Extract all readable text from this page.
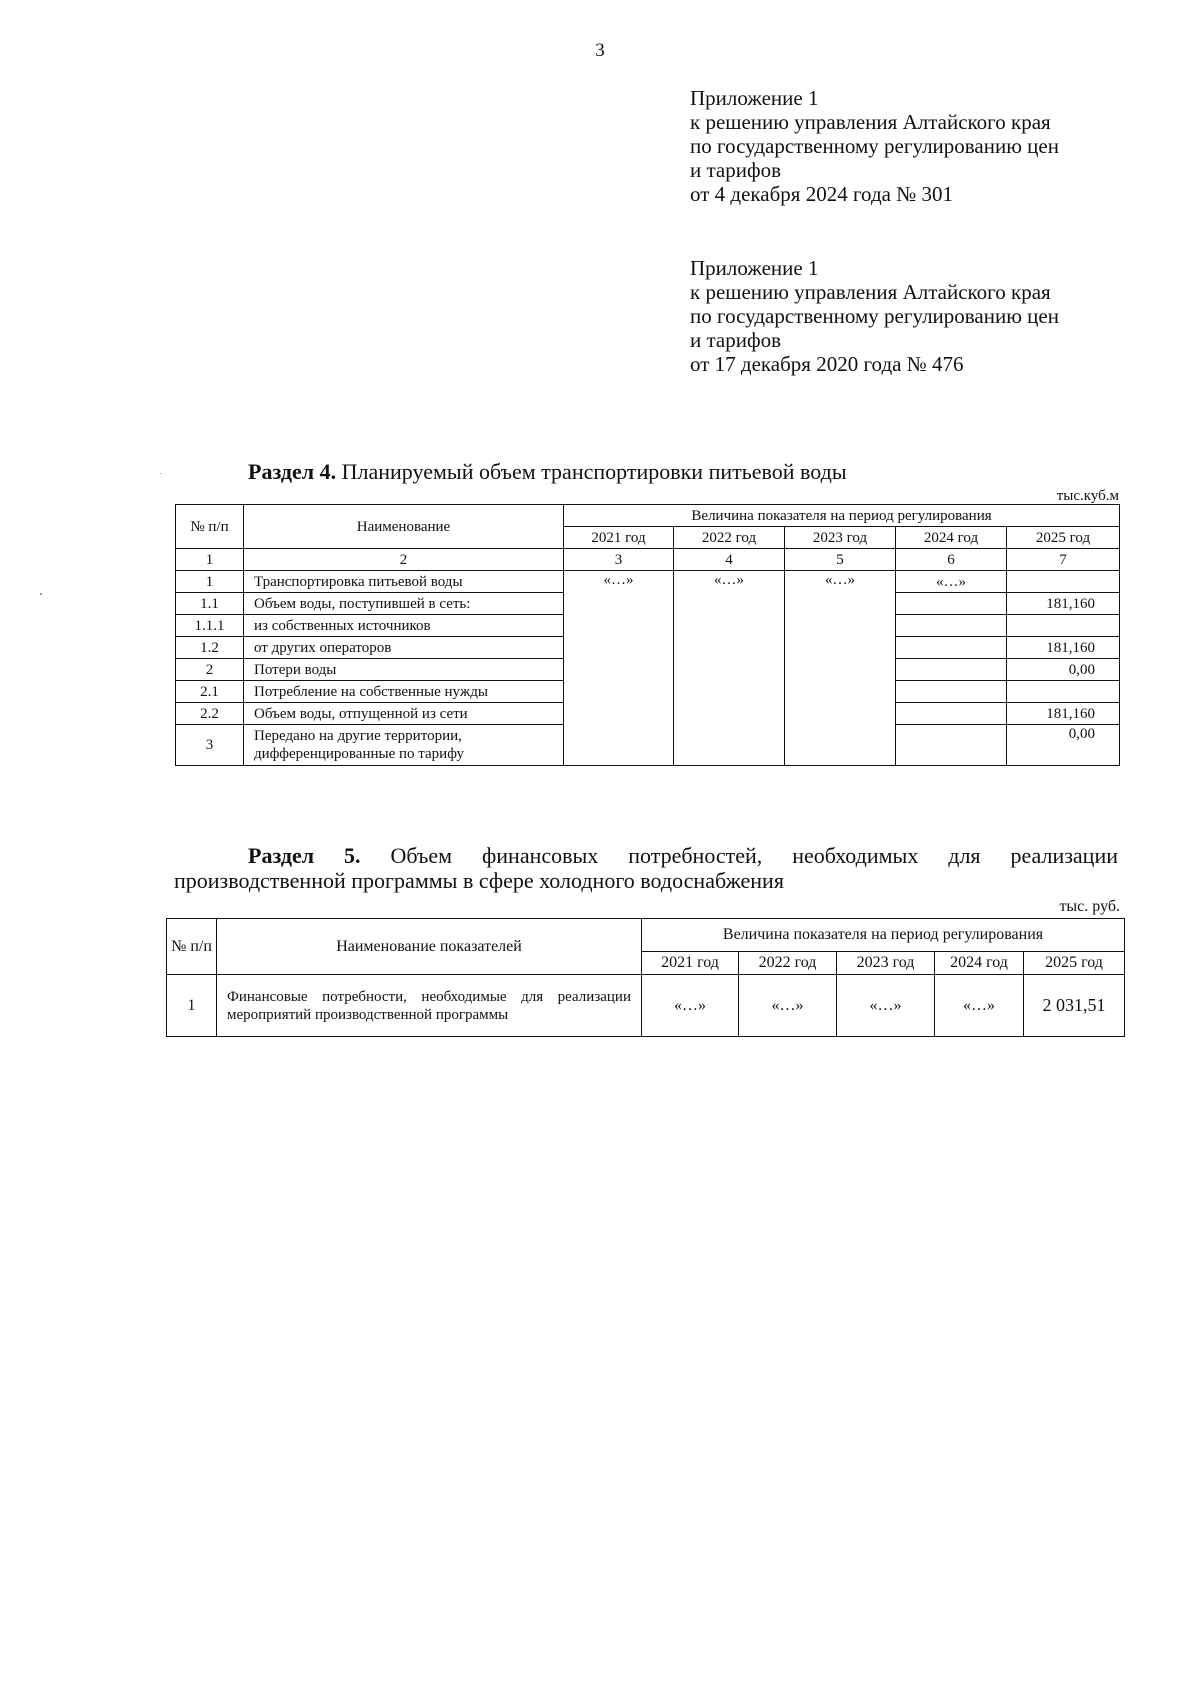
3
Приложение 1
к решению управления Алтайского края
по государственному регулированию цен
и тарифов
от 4 декабря 2024 года № 301
Приложение 1
к решению управления Алтайского края
по государственному регулированию цен
и тарифов
от 17 декабря 2020 года № 476
Раздел 4. Планируемый объем транспортировки питьевой воды
тыс.куб.м
№ п/п	Наименование	Величина показателя на период регулирования				
		2021 год	2022 год	2023 год	2024 год	2025 год
1	2	3	4	5	6	7
1	Транспортировка питьевой воды	«…»	«…»	«…»	«…»	
1.1	Объем воды, поступившей в сеть:					181,160
1.1.1	из собственных источников					
1.2	от других операторов					181,160
2	Потери воды					0,00
2.1	Потребление на собственные нужды					
2.2	Объем воды, отпущенной из сети					181,160
3	Передано на другие территории, дифференцированные по тарифу					0,00
Раздел 5. Объем финансовых потребностей, необходимых для реализации
производственной программы в сфере холодного водоснабжения
тыс. руб.
№ п/п	Наименование показателей	Величина показателя на период регулирования				
		2021 год	2022 год	2023 год	2024 год	2025 год
1	Финансовые потребности, необходимые для реализации мероприятий производственной программы	«…»	«…»	«…»	«…»	2 031,51
